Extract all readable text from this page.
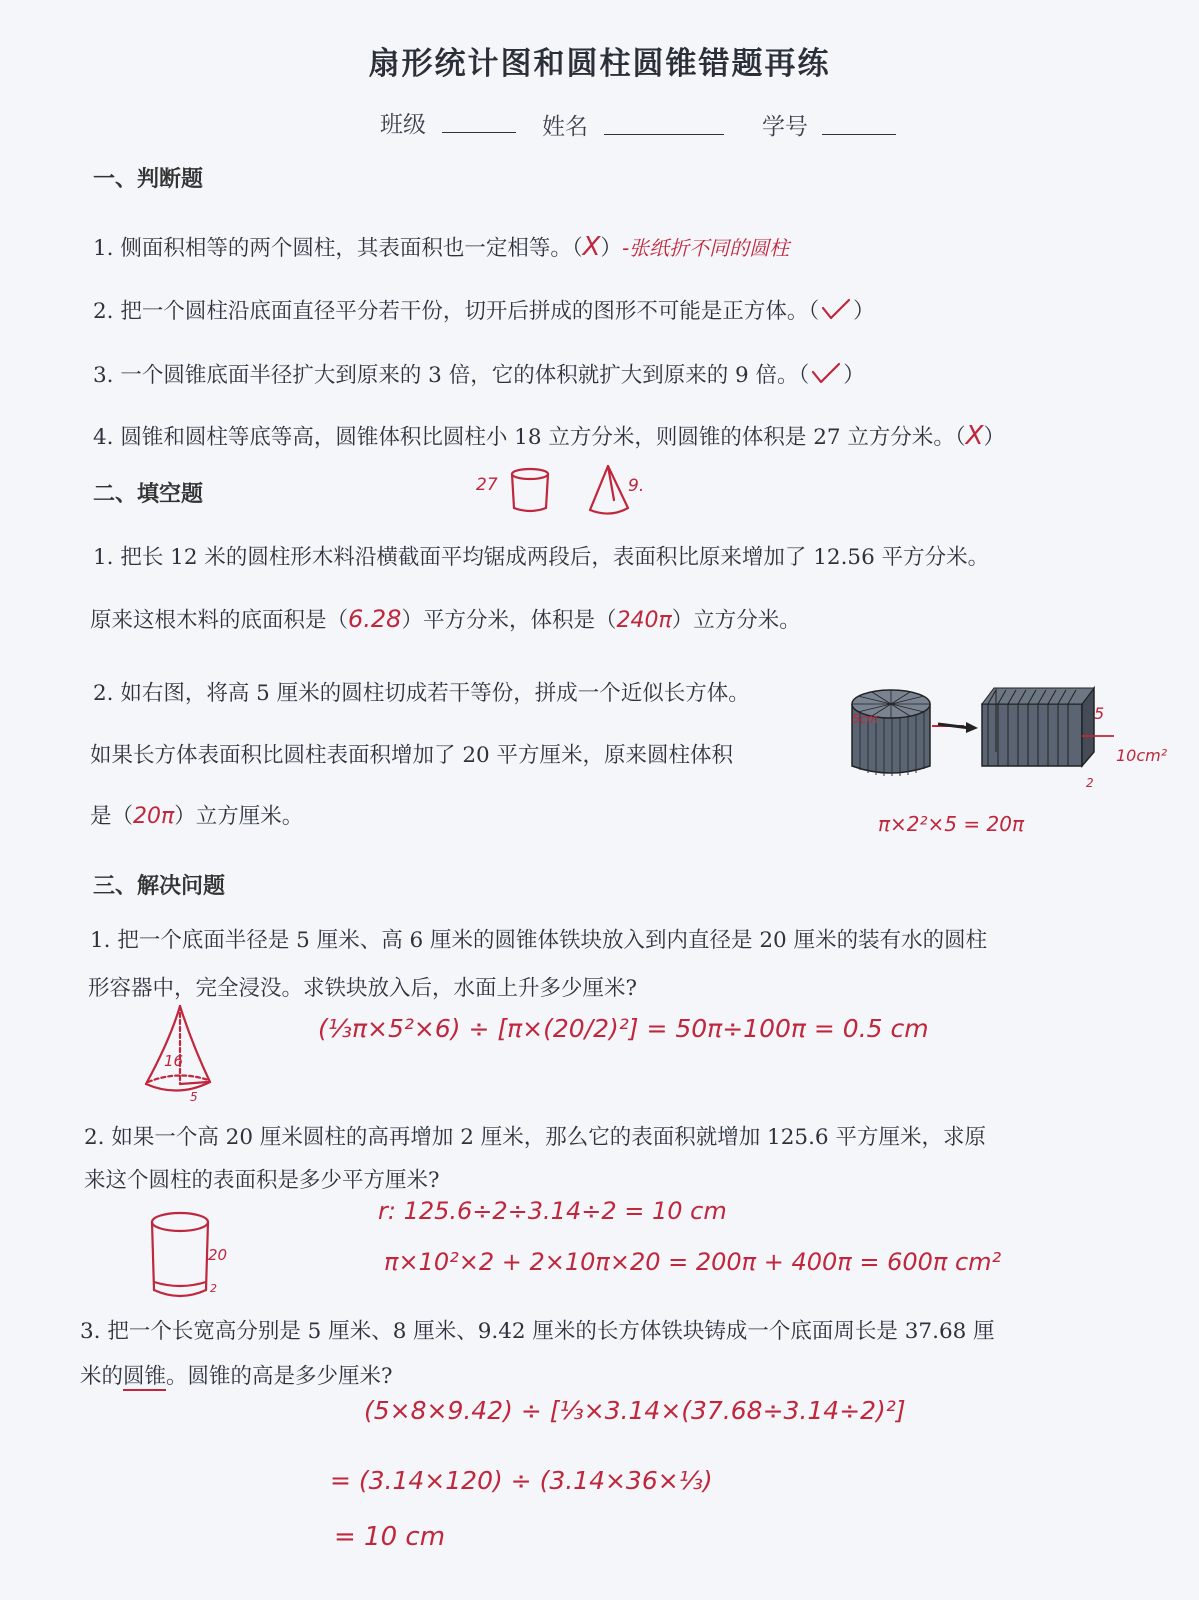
扇形统计图和圆柱圆锥错题再练
班级	姓名	学号
一、判断题
1. 侧面积相等的两个圆柱，其表面积也一定相等。（X）-张纸折不同的圆柱
2. 把一个圆柱沿底面直径平分若干份，切开后拼成的图形不可能是正方体。（ ）
3. 一个圆锥底面半径扩大到原来的 3 倍，它的体积就扩大到原来的 9 倍。（ ）
4. 圆锥和圆柱等底等高，圆锥体积比圆柱小 18 立方分米，则圆锥的体积是 27 立方分米。（X）
二、填空题	27	9.
1. 把长 12 米的圆柱形木料沿横截面平均锯成两段后，表面积比原来增加了 12.56 平方分米。
原来这根木料的底面积是（6.28）平方分米，体积是（240π）立方分米。
2. 如右图，将高 5 厘米的圆柱切成若干等份，拼成一个近似长方体。
如果长方体表面积比圆柱表面积增加了 20 平方厘米，原来圆柱体积
是（20π）立方厘米。
5cm	5
10cm²
2
π×2²×5 = 20π
三、解决问题
1. 把一个底面半径是 5 厘米、高 6 厘米的圆锥体铁块放入到内直径是 20 厘米的装有水的圆柱
形容器中，完全浸没。求铁块放入后，水面上升多少厘米?
16
5
(⅓π×5²×6) ÷ [π×(20/2)²] = 50π÷100π = 0.5 cm
2. 如果一个高 20 厘米圆柱的高再增加 2 厘米，那么它的表面积就增加 125.6 平方厘米，求原
来这个圆柱的表面积是多少平方厘米?
20
2
r: 125.6÷2÷3.14÷2 = 10 cm
π×10²×2 + 2×10π×20 = 200π + 400π = 600π cm²
3. 把一个长宽高分别是 5 厘米、8 厘米、9.42 厘米的长方体铁块铸成一个底面周长是 37.68 厘
米的圆锥。圆锥的高是多少厘米?
(5×8×9.42) ÷ [⅓×3.14×(37.68÷3.14÷2)²]
= (3.14×120) ÷ (3.14×36×⅓)
= 10 cm
